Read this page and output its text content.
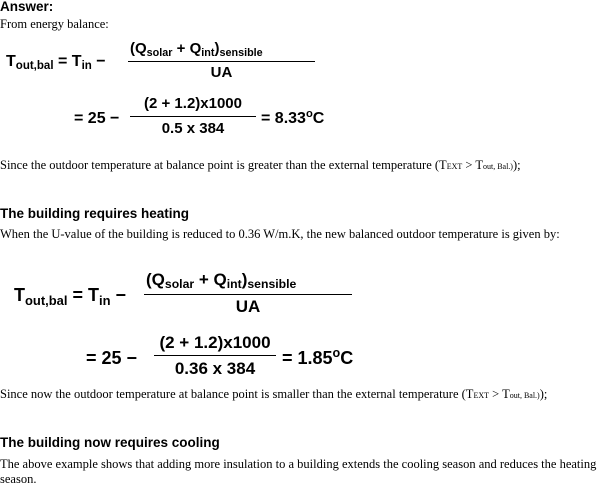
Answer:
From energy balance:
$T_{out,bal} = T_{in}$ −
$(Q_{solar} + Q_{int})_{sensible}$
UA
= 25 −
(2 + 1.2)x1000
0.5 x 384
= $8.33^oC$
Since the outdoor temperature at balance point is greater than the external temperature (TEXT > Tout, Bal.));
The building requires heating
When the U-value of the building is reduced to 0.36 W/m.K, the new balanced outdoor temperature is given by:
$T_{out,bal} = T_{in}$ −
$(Q_{solar} + Q_{int})_{sensible}$
UA
= 25 −
(2 + 1.2)x1000
0.36 x 384
= $1.85^oC$
Since now the outdoor temperature at balance point is smaller than the external temperature (TEXT > Tout, Bal.));
The building now requires cooling
The above example shows that adding more insulation to a building extends the cooling season and reduces the heating season.
